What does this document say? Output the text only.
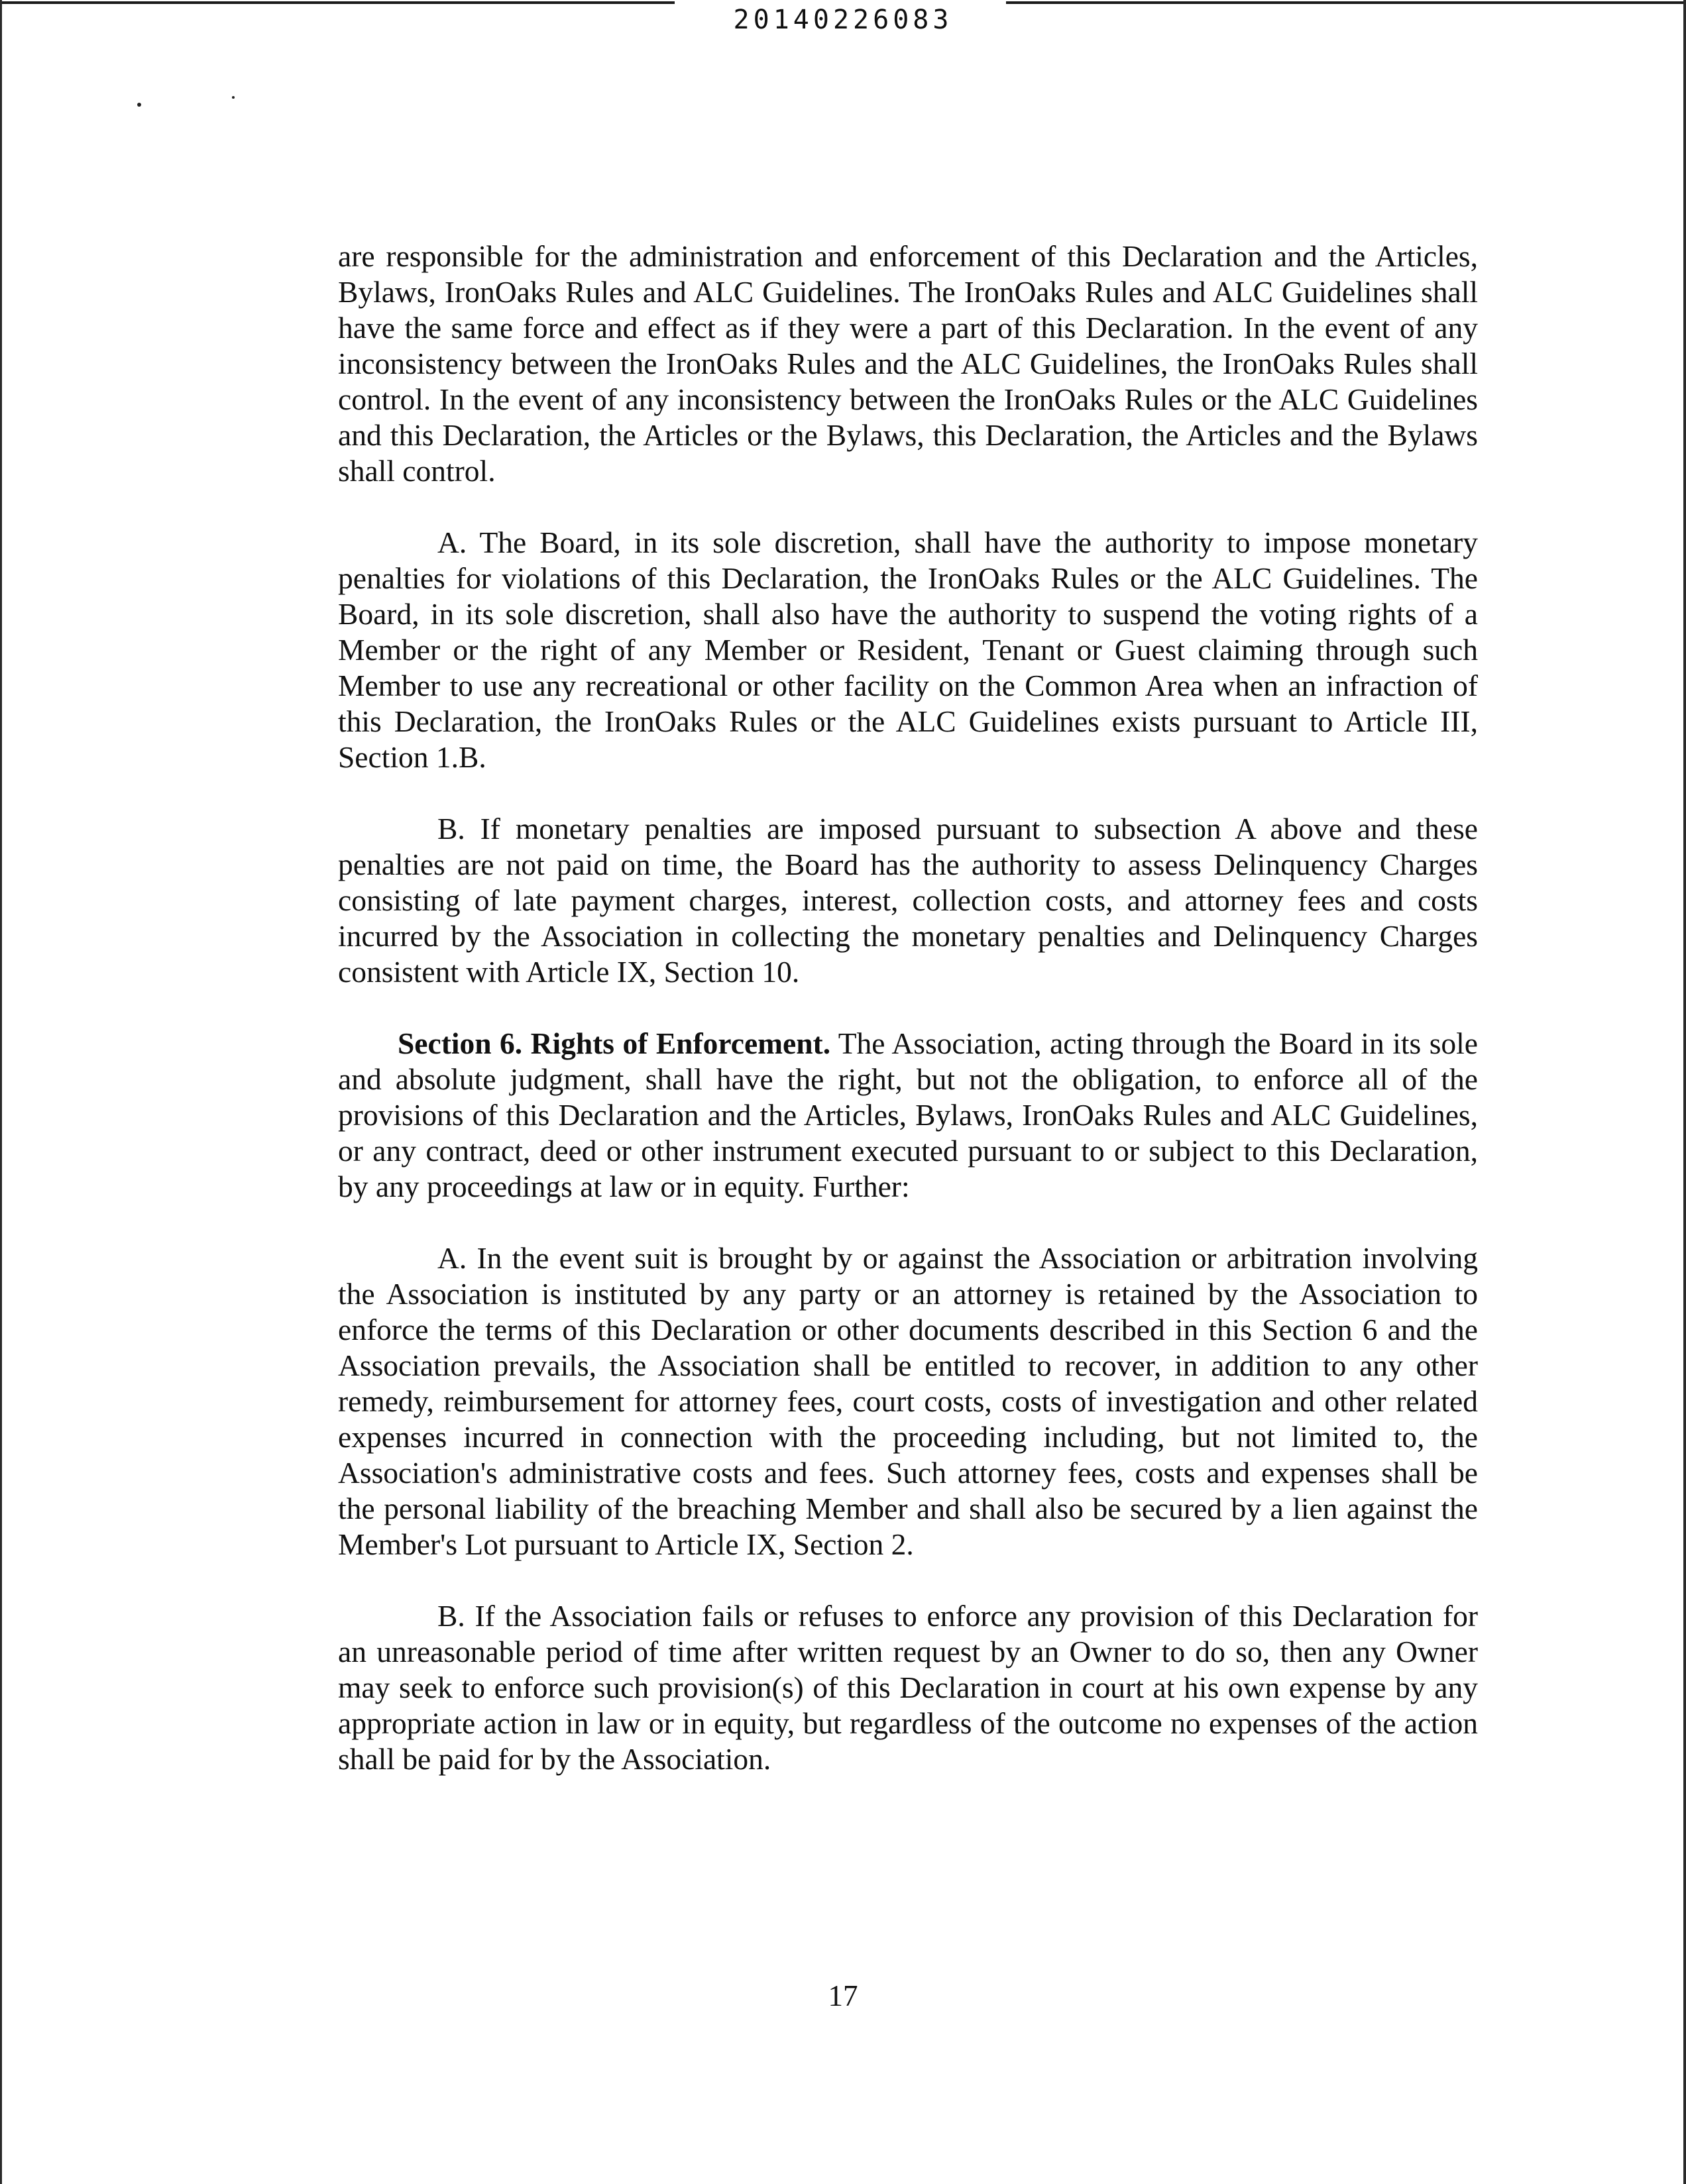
20140226083

are responsible for the administration and enforcement of this Declaration and the Articles, Bylaws, IronOaks Rules and ALC Guidelines. The IronOaks Rules and ALC Guidelines shall have the same force and effect as if they were a part of this Declaration. In the event of any inconsistency between the IronOaks Rules and the ALC Guidelines, the IronOaks Rules shall control. In the event of any inconsistency between the IronOaks Rules or the ALC Guidelines and this Declaration, the Articles or the Bylaws, this Declaration, the Articles and the Bylaws shall control.

A. The Board, in its sole discretion, shall have the authority to impose monetary penalties for violations of this Declaration, the IronOaks Rules or the ALC Guidelines. The Board, in its sole discretion, shall also have the authority to suspend the voting rights of a Member or the right of any Member or Resident, Tenant or Guest claiming through such Member to use any recreational or other facility on the Common Area when an infraction of this Declaration, the IronOaks Rules or the ALC Guidelines exists pursuant to Article III, Section 1.B.

B. If monetary penalties are imposed pursuant to subsection A above and these penalties are not paid on time, the Board has the authority to assess Delinquency Charges consisting of late payment charges, interest, collection costs, and attorney fees and costs incurred by the Association in collecting the monetary penalties and Delinquency Charges consistent with Article IX, Section 10.

Section 6. Rights of Enforcement. The Association, acting through the Board in its sole and absolute judgment, shall have the right, but not the obligation, to enforce all of the provisions of this Declaration and the Articles, Bylaws, IronOaks Rules and ALC Guidelines, or any contract, deed or other instrument executed pursuant to or subject to this Declaration, by any proceedings at law or in equity. Further:

A. In the event suit is brought by or against the Association or arbitration involving the Association is instituted by any party or an attorney is retained by the Association to enforce the terms of this Declaration or other documents described in this Section 6 and the Association prevails, the Association shall be entitled to recover, in addition to any other remedy, reimbursement for attorney fees, court costs, costs of investigation and other related expenses incurred in connection with the proceeding including, but not limited to, the Association's administrative costs and fees. Such attorney fees, costs and expenses shall be the personal liability of the breaching Member and shall also be secured by a lien against the Member's Lot pursuant to Article IX, Section 2.

B. If the Association fails or refuses to enforce any provision of this Declaration for an unreasonable period of time after written request by an Owner to do so, then any Owner may seek to enforce such provision(s) of this Declaration in court at his own expense by any appropriate action in law or in equity, but regardless of the outcome no expenses of the action shall be paid for by the Association.

17
